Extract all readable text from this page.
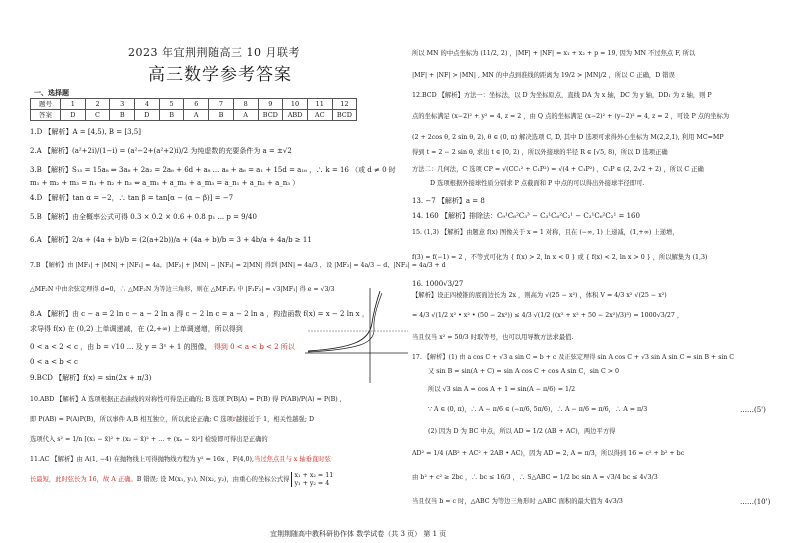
2023 年宜荆荆随高三 10 月联考
高三数学参考答案
一、选择题
题号	1	2	3	4	5	6	7	8	9	10	11	12
答案	D	C	B	D	B	A	B	A	BCD	ABD	AC	BCD
1.D 【解析】A = [4,5), B = [3,5]
2.A 【解析】(a²+2i)/(1−i) = (a²−2+(a²+2)i)/2 为纯虚数的充要条件为 a = ±√2
3.B 【解析】S₁₅ = 15a₈ ⇒ 3a₈ + 2a₂ = 2a₆ + 6d + a₈ ... a₈ + a₆ = a₁ + 15d = a₁₆ ，∴ k = 16 （或 d ≠ 0 时
m₁ + m₂ + m₃ = n₁ + n₂ + n₃ ⇔ a_m₁ + a_m₂ + a_m₃ = a_n₁ + a_n₂ + a_n₃ ）
4.D 【解析】tan α = −2，∴ tan β = tan[α − (α − β)] = −7
5.B 【解析】由全概率公式可得 0.3 × 0.2 × 0.6 + 0.8 p₁ ... p = 9/40
6.A 【解析】2/a + (4a + b)/b = (2(a+2b))/a + (4a + b)/b = 3 + 4b/a + 4a/b ≥ 11
7.B 【解析】由 |MF₁| + |MN| + |NF₁| = 4a，|MF₂| + |MN| − |NF₂| = 2|MN| 得到 |MN| = 4a/3 ，设 |MF₂| = 4a/3 − d，|NF₂| = 4a/3 + d
△MF₂N 中由余弦定理得 d=0，∴ △MF₂N 为等边三角形，则在 △MF₁F₂ 中 |F₁F₂| = √3|MF₁| 得 e = √3/3
8.A 【解析】由 c − a = 2 ln c − a − 2 ln a 得 c − 2 ln c = a − 2 ln a ，构造函数 f(x) = x − 2 ln x ，
求导得 f(x) 在 (0,2) 上单调递减，在 (2,+∞) 上单调递增，所以得到
0 < a < 2 < c ，由 b = √10 ... 及 y = 3ˣ + 1 的图像， 得到 0 < a < b < 2 所以
0 < a < b < c
9.BCD 【解析】f(x) = sin(2x + π/3)
10.ABD 【解析】A 选项根据正态曲线的对称性可得是正确的; B 选项 P(B|A) = P(B) 得 P(AB)/P(A) = P(B) ,
即 P(AB) = P(A)P(B)，所以事件 A,B 相互独立，所以此论正确; C 选项r越接近于 1，相关性越强; D
选项代入 s² = 1/n [(x₁ − x̄)² + (x₂ − x̄)² + … + (xₙ − x̄)²] 检验即可得出是正确的
11.AC 【解析】由 A(1, −4) 在抛物线上可得抛物线方程为 y² = 16x ，F(4,0),当过焦点且与 x 轴垂直时弦
长最短，此时弦长为 16，故 A 正确。B 错误; 设 M(x₁, y₁), N(x₂, y₂)，由重心的坐标公式得
x₁ + x₂ = 11
y₁ + y₂ = 4
所以 MN 的中点坐标为 (11/2, 2) ，|MF| + |NF| = x₁ + x₂ + p = 19, 因为 MN 不过焦点 F, 所以
|MF| + |NF| > |MN| , MN 的中点到准线的距离为 19/2 > |MN|/2 ，所以 C 正确，D 错误
12.BCD 【解析】方法一：坐标法，以 D 为坐标原点，直线 DA 为 x 轴，DC 为 y 轴，DD₁ 为 z 轴，则 P
点的坐标满足 (x−2)² + y² = 4, z = 2 ，由 Q 点的坐标满足 (x−2)² + (y−2)² = 4, z = 2 ，可设 P 点的坐标为
(2 + 2cos θ, 2 sin θ, 2), θ ∈ (0, π) 解决选项 C, D, 其中 D 选项可求得外心坐标为 M(2,2,1), 利用 MC=MP
得到 t = 2 − 2 sin θ, 求出 t ∈ [0, 2) ，所以外接球的半径 R ∈ [√5, 8)，所以 D 选项正确
方法二：几何法，C 选项 CP = √(CC₁² + C₁P²) = √(4 + C₁P²) ，C₁P ∈ (2, 2√2 + 2) ，所以 C 正确
D 选项根据外接球性质分别求 P 点截面和 P 中点的可以得出外接球半径即可.
13. −7 【解析】a = 8
14. 160 【解析】排除法：C₉¹C₆²C₃³ − C₃¹C₆²C₂¹ − C₃¹C₆²C₂¹ = 160
15. (1,3) 【解析】由题意 f(x) 图像关于 x = 1 对称，且在 (−∞, 1) 上递减，(1,+∞) 上递增，
f(3) = f(−1) = 2 ，不等式可化为 { f(x) > 2, ln x < 0 } 或 { f(x) < 2, ln x > 0 } ，所以解集为 (1,3)
16. 1000√3/27
【解析】设正四棱锥的底面边长为 2x ，则高为 √(25 − x²) ，体积 V = 4/3 x² √(25 − x²)
= 4/3 √(1/2 x² • x² • (50 − 2x²)) ≤ 4/3 √(1/2 ((x² + x² + 50 − 2x²)/3)³) = 1000√3/27 ，
当且仅当 x² = 50/3 时取等号，也可以用导数方法求最值.
17. 【解析】(1) 由 a cos C + √3 a sin C = b + c 及正弦定理得 sin A cos C + √3 sin A sin C = sin B + sin C
又 sin B = sin(A + C) = sin A cos C + cos A sin C，sin C > 0
所以 √3 sin A = cos A + 1 ⇒ sin(A − π/6) = 1/2
∵ A ∈ (0, π)，∴ A − π/6 ∈ (−π/6, 5π/6)，∴ A − π/6 = π/6，∴ A = π/3	……(5')
(2) 因为 D 为 BC 中点，所以 AD = 1/2 (AB + AC)，两边平方得
AD² = 1/4 (AB² + AC² + 2AB • AC)，因为 AD = 2, A = π/3，所以得到 16 = c² + b² + bc
由 b² + c² ≥ 2bc ，∴ bc ≤ 16/3 ，∴ S△ABC = 1/2 bc sin A = √3/4 bc ≤ 4√3/3
当且仅当 b = c 时，△ABC 为等边三角形时 △ABC 面积的最大值为 4√3/3	……(10')
宜荆荆随高中教科研协作体 数学试卷（共 3 页） 第 1 页
